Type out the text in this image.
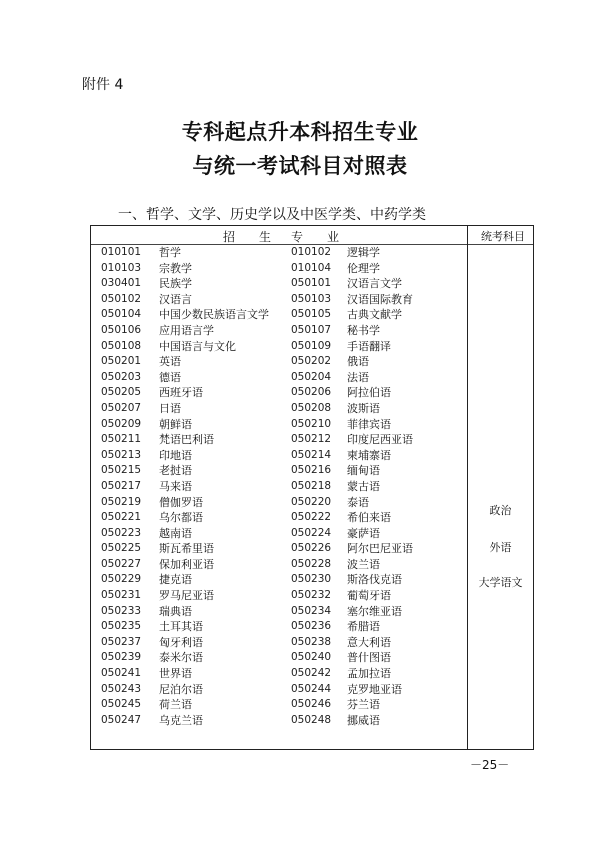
附件 4
专科起点升本科招生专业
与统一考试科目对照表
一、哲学、文学、历史学以及中医学类、中药学类
招 生 专 业	统考科目
010101 哲学	010102 逻辑学
010103 宗教学	010104 伦理学
030401 民族学	050101 汉语言文学
050102 汉语言	050103 汉语国际教育
050104 中国少数民族语言文学 050105 古典文献学
050106 应用语言学	050107 秘书学
050108 中国语言与文化	050109 手语翻译
050201 英语	050202 俄语
050203 德语	050204 法语
050205 西班牙语	050206 阿拉伯语
050207 日语	050208 波斯语
050209 朝鲜语	050210 菲律宾语
050211 梵语巴利语	050212 印度尼西亚语
050213 印地语	050214 柬埔寨语
050215 老挝语	050216 缅甸语
050217 马来语	050218 蒙古语
050219 僧伽罗语	050220 泰语
050221 乌尔都语	050222 希伯来语
050223 越南语	050224 豪萨语
050225 斯瓦希里语	050226 阿尔巴尼亚语
050227 保加利亚语	050228 波兰语
050229 捷克语	050230 斯洛伐克语
050231 罗马尼亚语	050232 葡萄牙语
050233 瑞典语	050234 塞尔维亚语
050235 土耳其语	050236 希腊语
050237 匈牙利语	050238 意大利语
050239 泰米尔语	050240 普什图语
050241 世界语	050242 孟加拉语
050243 尼泊尔语	050244 克罗地亚语
050245 荷兰语	050246 芬兰语
050247 乌克兰语	050248 挪威语
政治
外语
大学语文
－25－
